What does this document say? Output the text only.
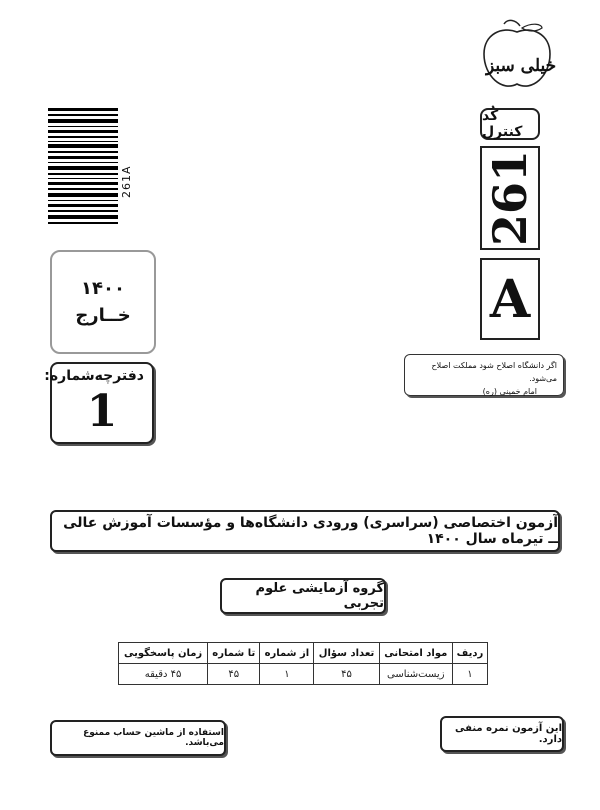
خیلی سبز
261A
کُد کنترل
261
A
۱۴۰۰
خــارج
اگر دانشگاه اصلاح شود مملکت اصلاح می‌شود.
امام خمینی (ره)
دفترچه‌شماره:
1
آزمون اختصاصی (سراسری) ورودی دانشگاه‌ها و مؤسسات آموزش عالی ــ تیرماه سال ۱۴۰۰
گروه آزمایشی علوم تجربی
ردیف	مواد امتحانی	تعداد سؤال	از شماره	تا شماره	زمان پاسخگویی
۱	زیست‌شناسی	۴۵	۱	۴۵	۴۵ دقیقه
این آزمون نمره منفی دارد.
استفاده از ماشین حساب ممنوع می‌باشد.
